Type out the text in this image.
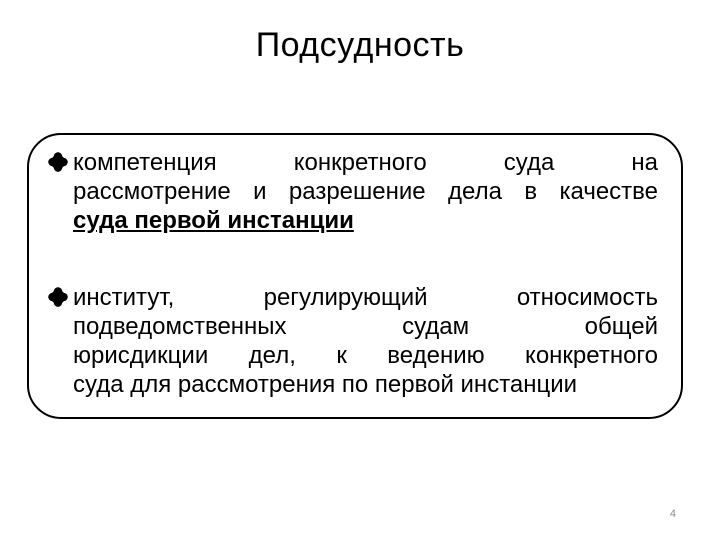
Подсудность
компетенция конкретного суда на
рассмотрение и разрешение дела в качестве
суда первой инстанции
институт, регулирующий относимость
подведомственных судам общей
юрисдикции дел, к ведению конкретного
суда для рассмотрения по первой инстанции
4
